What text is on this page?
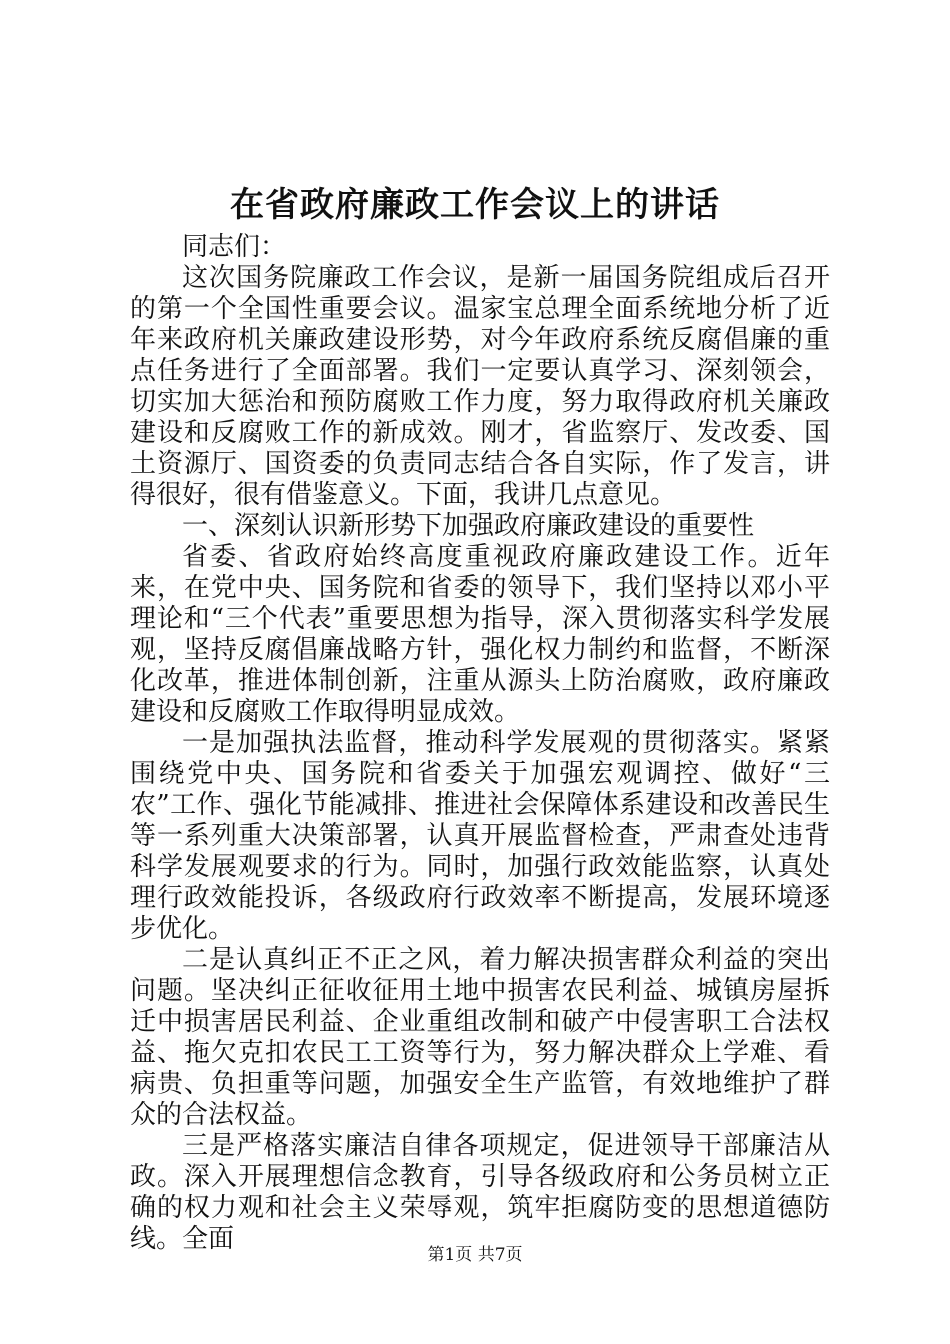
在省政府廉政工作会议上的讲话

同志们：

这次国务院廉政工作会议，是新一届国务院组成后召开的第一个全国性重要会议。温家宝总理全面系统地分析了近年来政府机关廉政建设形势，对今年政府系统反腐倡廉的重点任务进行了全面部署。我们一定要认真学习、深刻领会，切实加大惩治和预防腐败工作力度，努力取得政府机关廉政建设和反腐败工作的新成效。刚才，省监察厅、发改委、国土资源厅、国资委的负责同志结合各自实际，作了发言，讲得很好，很有借鉴意义。下面，我讲几点意见。

一、深刻认识新形势下加强政府廉政建设的重要性

省委、省政府始终高度重视政府廉政建设工作。近年来，在党中央、国务院和省委的领导下，我们坚持以邓小平理论和“三个代表”重要思想为指导，深入贯彻落实科学发展观，坚持反腐倡廉战略方针，强化权力制约和监督，不断深化改革，推进体制创新，注重从源头上防治腐败，政府廉政建设和反腐败工作取得明显成效。

一是加强执法监督，推动科学发展观的贯彻落实。紧紧围绕党中央、国务院和省委关于加强宏观调控、做好“三农”工作、强化节能减排、推进社会保障体系建设和改善民生等一系列重大决策部署，认真开展监督检查，严肃查处违背科学发展观要求的行为。同时，加强行政效能监察，认真处理行政效能投诉，各级政府行政效率不断提高，发展环境逐步优化。

二是认真纠正不正之风，着力解决损害群众利益的突出问题。坚决纠正征收征用土地中损害农民利益、城镇房屋拆迁中损害居民利益、企业重组改制和破产中侵害职工合法权益、拖欠克扣农民工工资等行为，努力解决群众上学难、看病贵、负担重等问题，加强安全生产监管，有效地维护了群众的合法权益。

三是严格落实廉洁自律各项规定，促进领导干部廉洁从政。深入开展理想信念教育，引导各级政府和公务员树立正确的权力观和社会主义荣辱观，筑牢拒腐防变的思想道德防线。全面

第1页 共7页
